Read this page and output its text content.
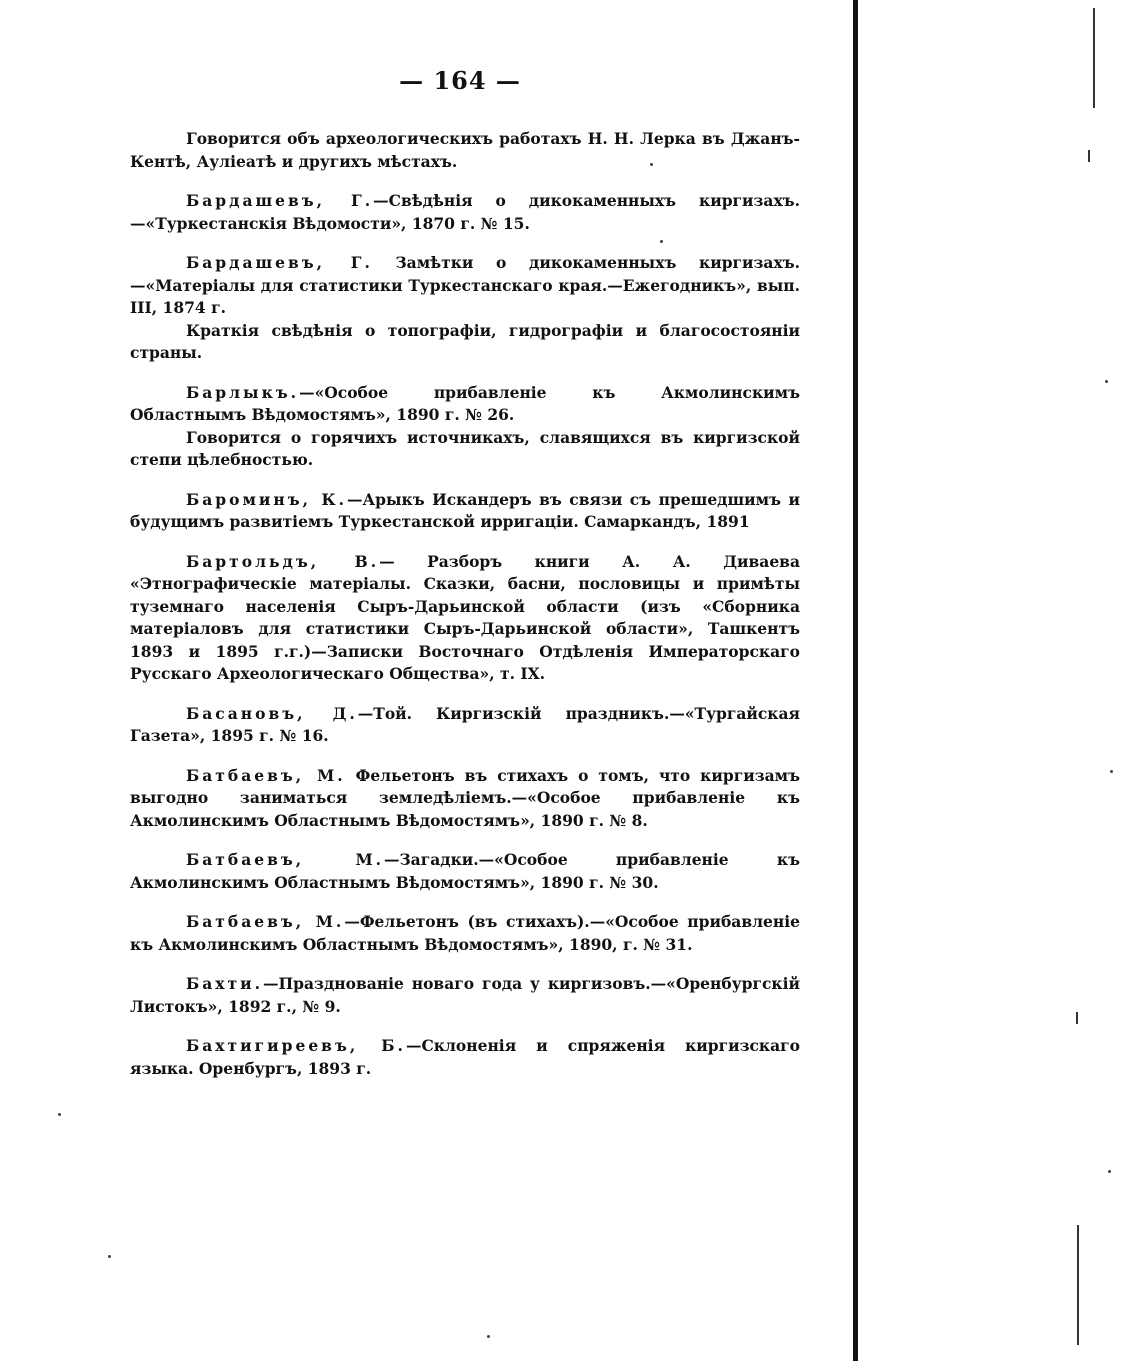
— 164 —

Говорится объ археологическихъ работахъ Н. Н. Лерка въ Джанъ-Кентѣ, Аулiеатѣ и другихъ мѣстахъ.

Бардашевъ, Г.—Свѣдѣнiя о дикокаменныхъ киргизахъ.—«Туркестанскiя Вѣдомости», 1870 г. № 15.

Бардашевъ, Г. Замѣтки о дикокаменныхъ киргизахъ.—«Матерiалы для статистики Туркестанскаго края.—Ежегодникъ», вып. III, 1874 г.

Краткiя свѣдѣнiя о топографiи, гидрографiи и благосостоянiи страны.

Барлыкъ.—«Особое прибавленiе къ Акмолинскимъ Областнымъ Вѣдомостямъ», 1890 г. № 26.

Говорится о горячихъ источникахъ, славящихся въ киргизской степи цѣлебностью.

Бароминъ, К.—Арыкъ Искандеръ въ связи съ прешедшимъ и будущимъ развитiемъ Туркестанской ирригацiи. Самаркандъ, 1891

Бартольдъ, В.— Разборъ книги А. А. Диваева «Этнографическiе матерiалы. Сказки, басни, пословицы и примѣты туземнаго населенiя Сыръ-Дарьинской области (изъ «Сборника матерiаловъ для статистики Сыръ-Дарьинской области», Ташкентъ 1893 и 1895 г.г.)—Записки Восточнаго Отдѣленiя Императорскаго Русскаго Археологическаго Общества», т. IX.

Басановъ, Д.—Той. Киргизскiй праздникъ.—«Тургайская Газета», 1895 г. № 16.

Батбаевъ, М. Фельетонъ въ стихахъ о томъ, что киргизамъ выгодно заниматься земледѣлiемъ.—«Особое прибавленiе къ Акмолинскимъ Областнымъ Вѣдомостямъ», 1890 г. № 8.

Батбаевъ, М.—Загадки.—«Особое прибавленiе къ Акмолинскимъ Областнымъ Вѣдомостямъ», 1890 г. № 30.

Батбаевъ, М.—Фельетонъ (въ стихахъ).—«Особое прибавленiе къ Акмолинскимъ Областнымъ Вѣдомостямъ», 1890, г. № 31.

Бахти.—Празднованiе новаго года у киргизовъ.—«Оренбургскiй Листокъ», 1892 г., № 9.

Бахтигиреевъ, Б.—Склоненiя и спряженiя киргизскаго языка. Оренбургъ, 1893 г.
